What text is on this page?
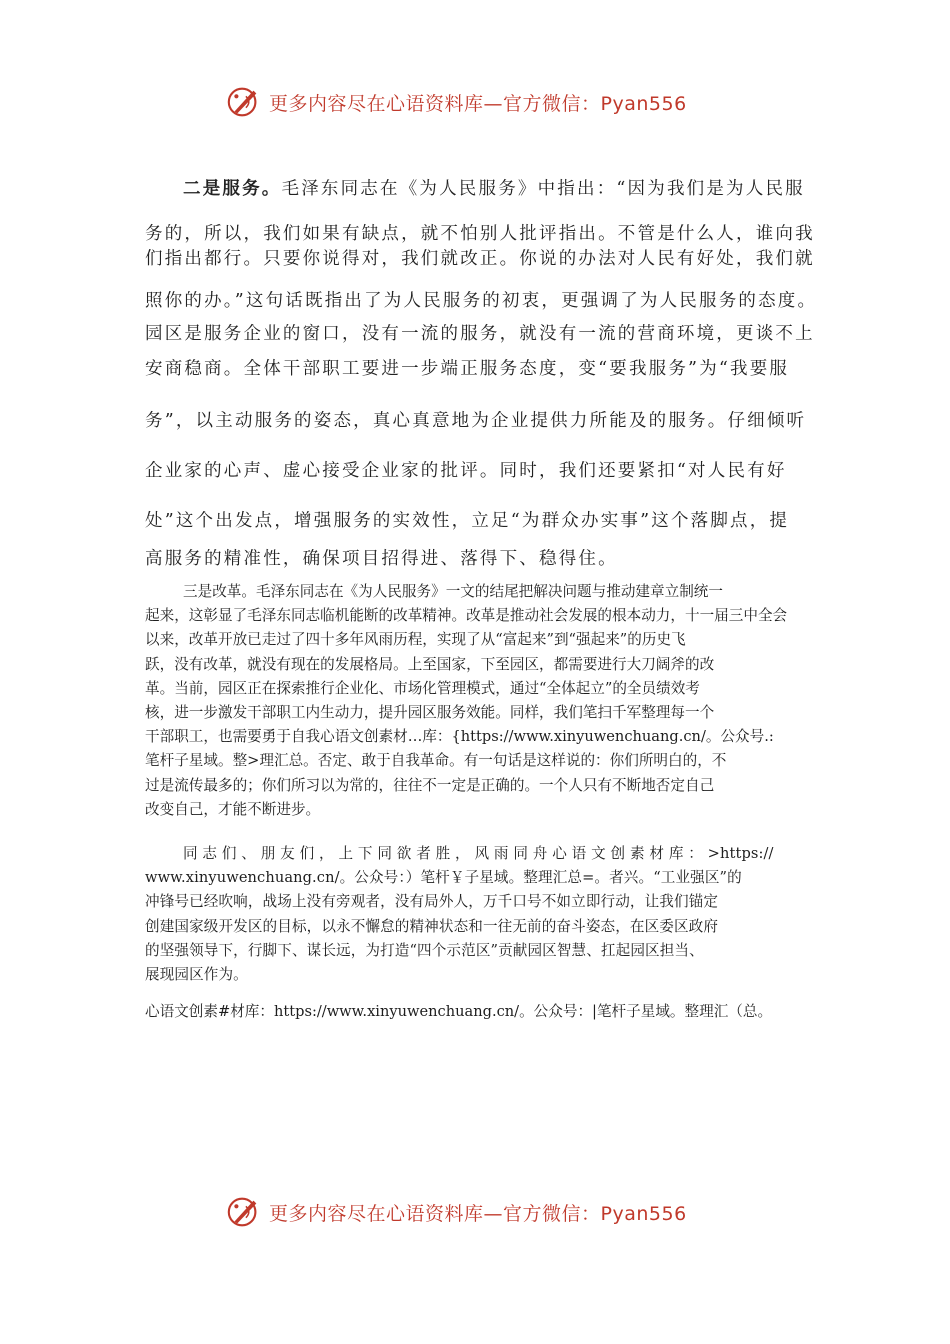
更多内容尽在心语资料库—官方微信：Pyan556
二是服务。毛泽东同志在《为人民服务》中指出：“因为我们是为人民服
务的，所以，我们如果有缺点，就不怕别人批评指出。不管是什么人，谁向我
们指出都行。只要你说得对，我们就改正。你说的办法对人民有好处，我们就
照你的办。”这句话既指出了为人民服务的初衷，更强调了为人民服务的态度。
园区是服务企业的窗口，没有一流的服务，就没有一流的营商环境，更谈不上
安商稳商。全体干部职工要进一步端正服务态度，变“要我服务”为“我要服
务”，以主动服务的姿态，真心真意地为企业提供力所能及的服务。仔细倾听
企业家的心声、虚心接受企业家的批评。同时，我们还要紧扣“对人民有好
处”这个出发点，增强服务的实效性，立足“为群众办实事”这个落脚点，提
高服务的精准性，确保项目招得进、落得下、稳得住。
三是改革。毛泽东同志在《为人民服务》一文的结尾把解决问题与推动建章立制统一
起来，这彰显了毛泽东同志临机能断的改革精神。改革是推动社会发展的根本动力，十一届三中全会
以来，改革开放已走过了四十多年风雨历程，实现了从“富起来”到“强起来”的历史飞
跃，没有改革，就没有现在的发展格局。上至国家，下至园区，都需要进行大刀阔斧的改
革。当前，园区正在探索推行企业化、市场化管理模式，通过“全体起立”的全员绩效考
核，进一步激发干部职工内生动力，提升园区服务效能。同样，我们笔扫千军整理每一个
干部职工，也需要勇于自我心语文创素材…库：{https://www.xinyuwenchuang.cn/。公众号.:
笔杆子星域。整>理汇总。否定、敢于自我革命。有一句话是这样说的：你们所明白的，不
过是流传最多的；你们所习以为常的，往往不一定是正确的。一个人只有不断地否定自己
改变自己，才能不断进步。
同 志 们 、 朋 友 们 ， 上 下 同 欲 者 胜 ， 风 雨 同 舟 心 语 文 创 素 材 库 ： >https://
www.xinyuwenchuang.cn/。公众号：）笔杆￥子星域。整理汇总=。者兴。“工业强区”的
冲锋号已经吹响，战场上没有旁观者，没有局外人，万千口号不如立即行动，让我们锚定
创建国家级开发区的目标，以永不懈怠的精神状态和一往无前的奋斗姿态，在区委区政府
的坚强领导下，行脚下、谋长远，为打造“四个示范区”贡献园区智慧、扛起园区担当、
展现园区作为。
心语文创素#材库：https://www.xinyuwenchuang.cn/。公众号：|笔杆子星域。整理汇（总。
更多内容尽在心语资料库—官方微信：Pyan556
